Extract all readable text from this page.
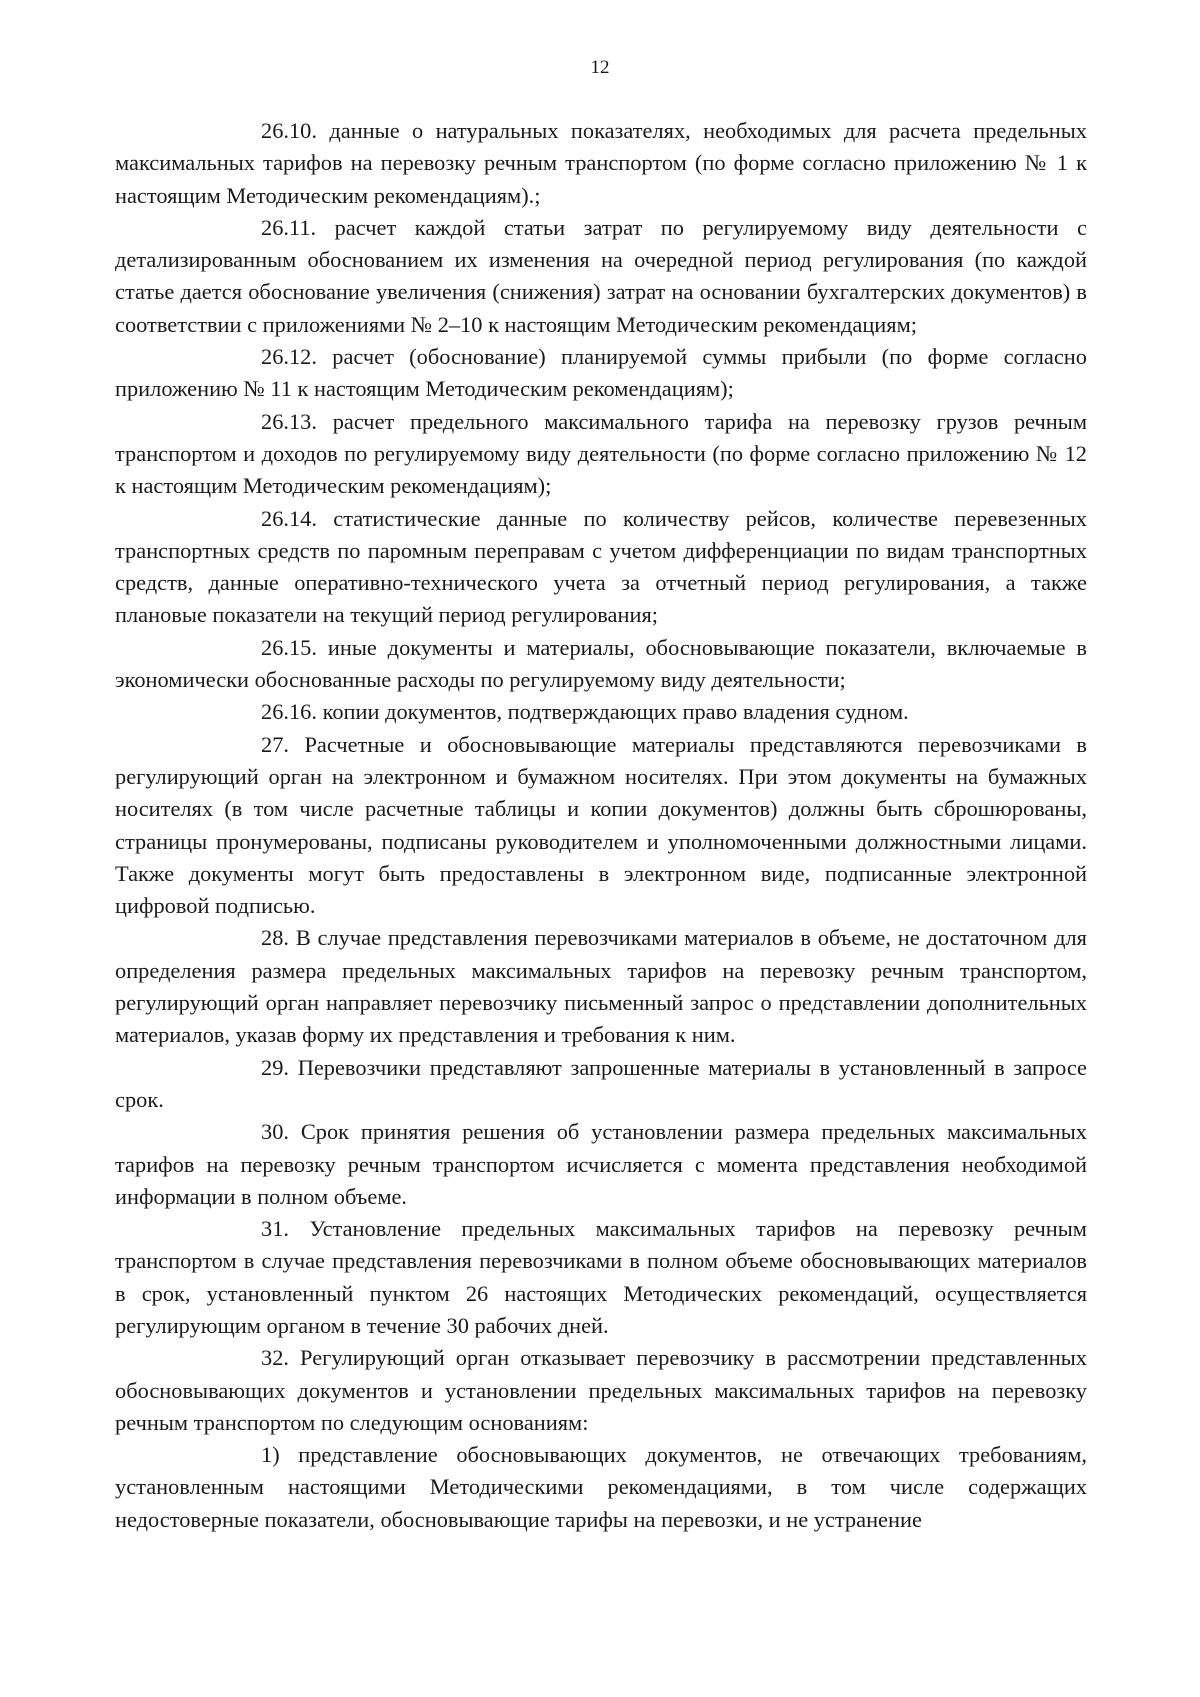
12

26.10. данные о натуральных показателях, необходимых для расчета предельных максимальных тарифов на перевозку речным транспортом (по форме согласно приложению № 1 к настоящим Методическим рекомендациям).;

26.11. расчет каждой статьи затрат по регулируемому виду деятельности с детализированным обоснованием их изменения на очередной период регулирования (по каждой статье дается обоснование увеличения (снижения) затрат на основании бухгалтерских документов) в соответствии с приложениями № 2–10 к настоящим Методическим рекомендациям;

26.12. расчет (обоснование) планируемой суммы прибыли (по форме согласно приложению № 11 к настоящим Методическим рекомендациям);

26.13. расчет предельного максимального тарифа на перевозку грузов речным транспортом и доходов по регулируемому виду деятельности (по форме согласно приложению № 12 к настоящим Методическим рекомендациям);

26.14. статистические данные по количеству рейсов, количестве перевезенных транспортных средств по паромным переправам с учетом дифференциации по видам транспортных средств, данные оперативно-технического учета за отчетный период регулирования, а также плановые показатели на текущий период регулирования;

26.15. иные документы и материалы, обосновывающие показатели, включаемые в экономически обоснованные расходы по регулируемому виду деятельности;

26.16. копии документов, подтверждающих право владения судном.

27. Расчетные и обосновывающие материалы представляются перевозчиками в регулирующий орган на электронном и бумажном носителях. При этом документы на бумажных носителях (в том числе расчетные таблицы и копии документов) должны быть сброшюрованы, страницы пронумерованы, подписаны руководителем и уполномоченными должностными лицами. Также документы могут быть предоставлены в электронном виде, подписанные электронной цифровой подписью.

28. В случае представления перевозчиками материалов в объеме, не достаточном для определения размера предельных максимальных тарифов на перевозку речным транспортом, регулирующий орган направляет перевозчику письменный запрос о представлении дополнительных материалов, указав форму их представления и требования к ним.

29. Перевозчики представляют запрошенные материалы в установленный в запросе срок.

30. Срок принятия решения об установлении размера предельных максимальных тарифов на перевозку речным транспортом исчисляется с момента представления необходимой информации в полном объеме.

31. Установление предельных максимальных тарифов на перевозку речным транспортом в случае представления перевозчиками в полном объеме обосновывающих материалов в срок, установленный пунктом 26 настоящих Методических рекомендаций, осуществляется регулирующим органом в течение 30 рабочих дней.

32. Регулирующий орган отказывает перевозчику в рассмотрении представленных обосновывающих документов и установлении предельных максимальных тарифов на перевозку речным транспортом по следующим основаниям:

1) представление обосновывающих документов, не отвечающих требованиям, установленным настоящими Методическими рекомендациями, в том числе содержащих недостоверные показатели, обосновывающие тарифы на перевозки, и не устранение
